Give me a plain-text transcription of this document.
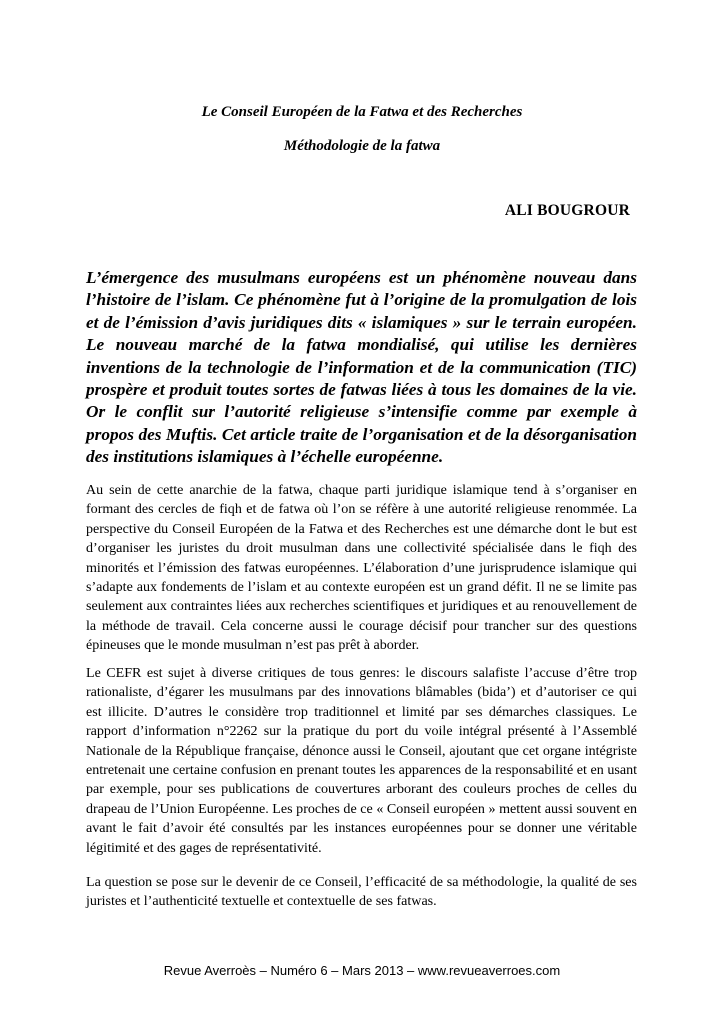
Le Conseil Européen de la Fatwa et des Recherches
Méthodologie de la fatwa
ALI BOUGROUR

L’émergence des musulmans européens est un phénomène nouveau dans l’histoire de l’islam. Ce phénomène fut à l’origine de la promulgation de lois et de l’émission d’avis juridiques dits « islamiques » sur le terrain européen. Le nouveau marché de la fatwa mondialisé, qui utilise les dernières inventions de la technologie de l’information et de la communication (TIC) prospère et produit toutes sortes de fatwas liées à tous les domaines de la vie. Or le conflit sur l’autorité religieuse s’intensifie comme par exemple à propos des Muftis. Cet article traite de l’organisation et de la désorganisation des institutions islamiques à l’échelle européenne.

Au sein de cette anarchie de la fatwa, chaque parti juridique islamique tend à s’organiser en formant des cercles de fiqh et de fatwa où l’on se réfère à une autorité religieuse renommée. La perspective du Conseil Européen de la Fatwa et des Recherches est une démarche dont le but est d’organiser les juristes du droit musulman dans une collectivité spécialisée dans le fiqh des minorités et l’émission des fatwas européennes. L’élaboration d’une jurisprudence islamique qui s’adapte aux fondements de l’islam et au contexte européen est un grand défit. Il ne se limite pas seulement aux contraintes liées aux recherches scientifiques et juridiques et au renouvellement de la méthode de travail. Cela concerne aussi le courage décisif pour trancher sur des questions épineuses que le monde musulman n’est pas prêt à aborder.

Le CEFR est sujet à diverse critiques de tous genres: le discours salafiste l’accuse d’être trop rationaliste, d’égarer les musulmans par des innovations blâmables (bida’) et d’autoriser ce qui est illicite. D’autres le considère trop traditionnel et limité par ses démarches classiques. Le rapport d’information n°2262 sur la pratique du port du voile intégral présenté à l’Assemblé Nationale de la République française, dénonce aussi le Conseil, ajoutant que cet organe intégriste entretenait une certaine confusion en prenant toutes les apparences de la responsabilité et en usant par exemple, pour ses publications de couvertures arborant des couleurs proches de celles du drapeau de l’Union Européenne. Les proches de ce « Conseil européen » mettent aussi souvent en avant le fait d’avoir été consultés par les instances européennes pour se donner une véritable légitimité et des gages de représentativité.

La question se pose sur le devenir de ce Conseil, l’efficacité de sa méthodologie, la qualité de ses juristes et l’authenticité textuelle et contextuelle de ses fatwas.

Revue Averroès – Numéro 6 – Mars 2013 – www.revueaverroes.com
